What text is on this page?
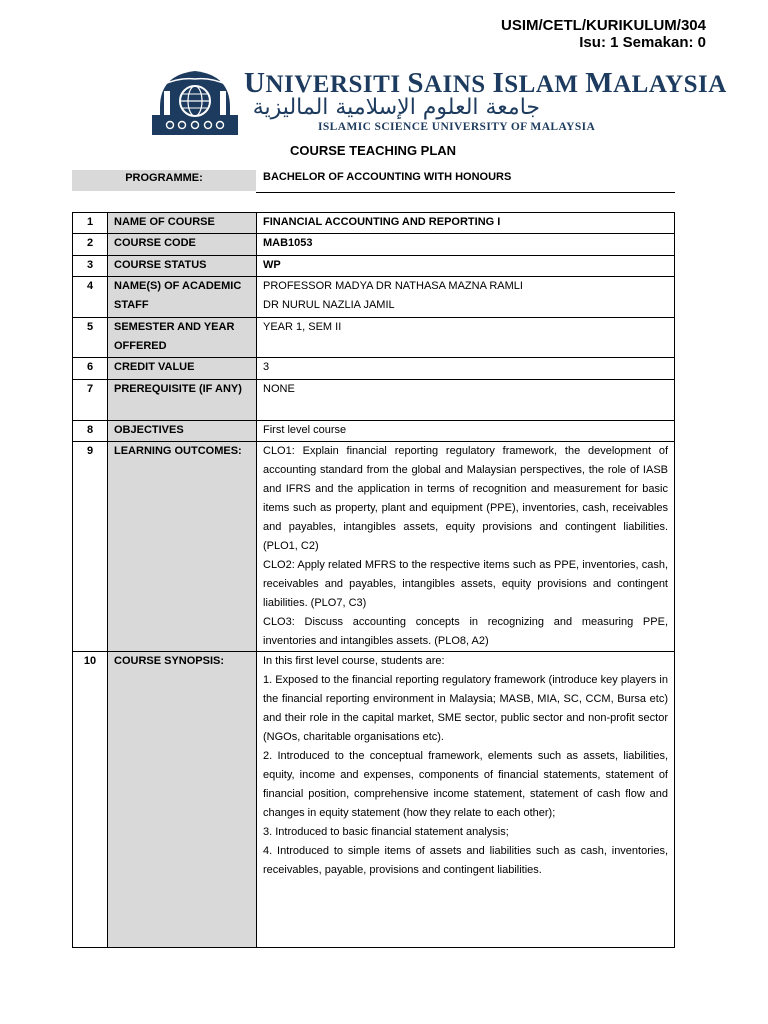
USIM/CETL/KURIKULUM/304
Isu: 1 Semakan: 0
UNIVERSITI SAINS ISLAM MALAYSIA
جامعة العلوم الإسلامية الماليزية
ISLAMIC SCIENCE UNIVERSITY OF MALAYSIA
COURSE TEACHING PLAN
PROGRAMME:	BACHELOR OF ACCOUNTING WITH HONOURS
1	NAME OF COURSE	FINANCIAL ACCOUNTING AND REPORTING I
2	COURSE CODE	MAB1053
3	COURSE STATUS	WP
4	NAME(S) OF ACADEMIC STAFF	PROFESSOR MADYA DR NATHASA MAZNA RAMLI
DR NURUL NAZLIA JAMIL

5	SEMESTER AND YEAR OFFERED	YEAR 1, SEM II
6	CREDIT VALUE	3
7	PREREQUISITE (IF ANY)	NONE
8	OBJECTIVES	First level course
9	LEARNING OUTCOMES:	CLO1: Explain financial reporting regulatory framework, the development of accounting standard from the global and Malaysian perspectives, the role of IASB and IFRS and the application in terms of recognition and measurement for basic items such as property, plant and equipment (PPE), inventories, cash, receivables and payables, intangibles assets, equity provisions and contingent liabilities. (PLO1, C2)

CLO2: Apply related MFRS to the respective items such as PPE, inventories, cash, receivables and payables, intangibles assets, equity provisions and contingent liabilities. (PLO7, C3)

CLO3: Discuss accounting concepts in recognizing and measuring PPE, inventories and intangibles assets. (PLO8, A2)

10	COURSE SYNOPSIS:	In this first level course, students are:

1. Exposed to the financial reporting regulatory framework (introduce key players in the financial reporting environment in Malaysia; MASB, MIA, SC, CCM, Bursa etc) and their role in the capital market, SME sector, public sector and non-profit sector (NGOs, charitable organisations etc).

2. Introduced to the conceptual framework, elements such as assets, liabilities, equity, income and expenses, components of financial statements, statement of financial position, comprehensive income statement, statement of cash flow and changes in equity statement (how they relate to each other);

3. Introduced to basic financial statement analysis;

4. Introduced to simple items of assets and liabilities such as cash, inventories, receivables, payable, provisions and contingent liabilities.
